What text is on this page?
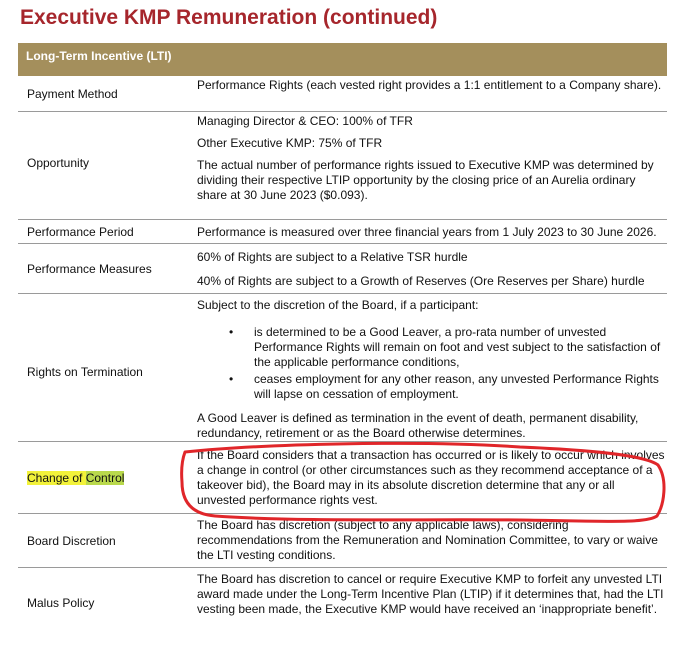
Executive KMP Remuneration (continued)
Long-Term Incentive (LTI)
Payment Method

Performance Rights (each vested right provides a 1:1 entitlement to a Company share).

Opportunity

Managing Director & CEO: 100% of TFR

Other Executive KMP: 75% of TFR

The actual number of performance rights issued to Executive KMP was determined by dividing their respective LTIP opportunity by the closing price of an Aurelia ordinary share at 30 June 2023 ($0.093).

Performance Period	Performance is measured over three financial years from 1 July 2023 to 30 June 2026.

Performance Measures

60% of Rights are subject to a Relative TSR hurdle

40% of Rights are subject to a Growth of Reserves (Ore Reserves per Share) hurdle

Rights on Termination

Subject to the discretion of the Board, if a participant:

• is determined to be a Good Leaver, a pro-rata number of unvested Performance Rights will remain on foot and vest subject to the satisfaction of the applicable performance conditions,
• ceases employment for any other reason, any unvested Performance Rights will lapse on cessation of employment.

A Good Leaver is defined as termination in the event of death, permanent disability, redundancy, retirement or as the Board otherwise determines.

Change of Control

If the Board considers that a transaction has occurred or is likely to occur which involves a change in control (or other circumstances such as they recommend acceptance of a takeover bid), the Board may in its absolute discretion determine that any or all unvested performance rights vest.

Board Discretion

The Board has discretion (subject to any applicable laws), considering recommendations from the Remuneration and Nomination Committee, to vary or waive the LTI vesting conditions.

Malus Policy

The Board has discretion to cancel or require Executive KMP to forfeit any unvested LTI award made under the Long-Term Incentive Plan (LTIP) if it determines that, had the LTI vesting been made, the Executive KMP would have received an ‘inappropriate benefit’.
